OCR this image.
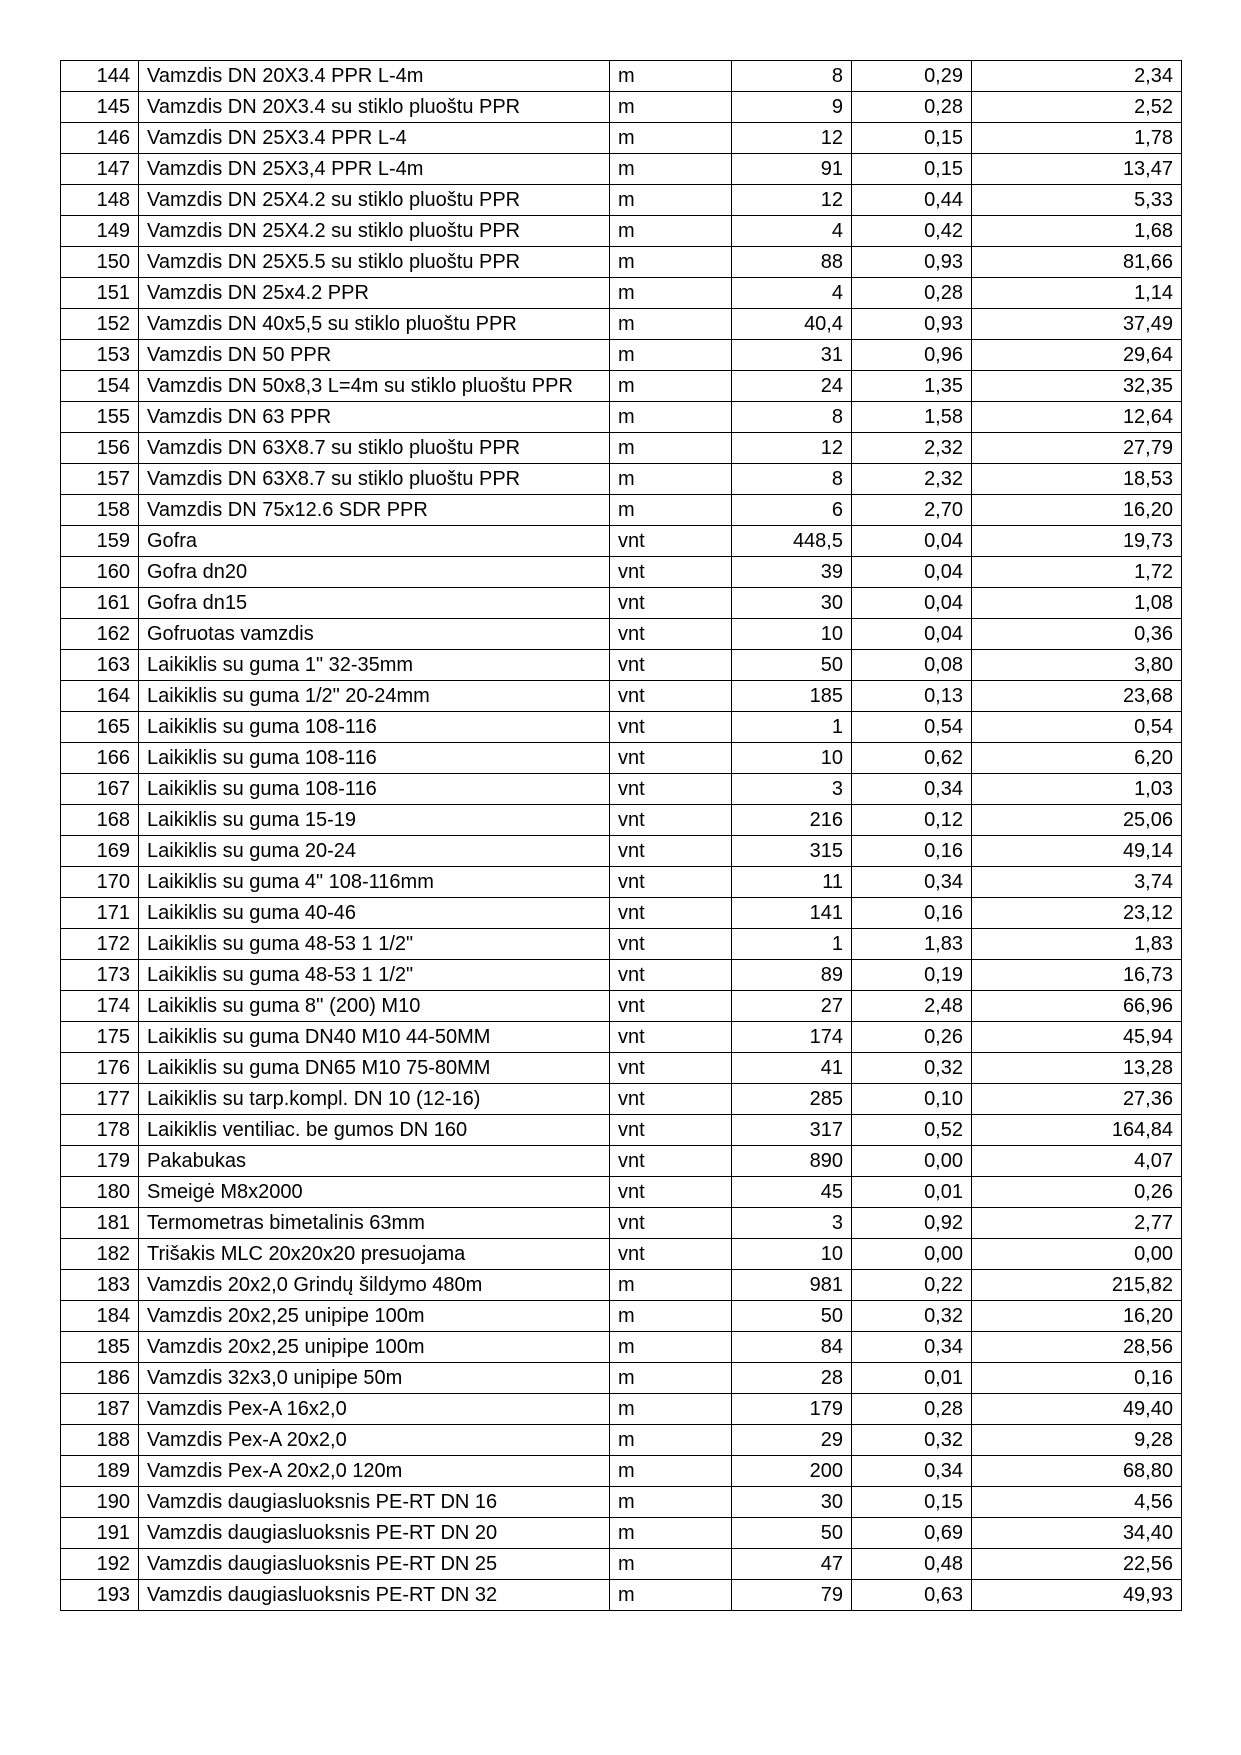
144	Vamzdis DN 20X3.4 PPR L-4m	m	8	0,29	2,34
145	Vamzdis DN 20X3.4 su stiklo pluoštu PPR	m	9	0,28	2,52
146	Vamzdis DN 25X3.4 PPR L-4	m	12	0,15	1,78
147	Vamzdis DN 25X3,4 PPR L-4m	m	91	0,15	13,47
148	Vamzdis DN 25X4.2 su stiklo pluoštu PPR	m	12	0,44	5,33
149	Vamzdis DN 25X4.2 su stiklo pluoštu PPR	m	4	0,42	1,68
150	Vamzdis DN 25X5.5 su stiklo pluoštu PPR	m	88	0,93	81,66
151	Vamzdis DN 25x4.2 PPR	m	4	0,28	1,14
152	Vamzdis DN 40x5,5 su stiklo pluoštu PPR	m	40,4	0,93	37,49
153	Vamzdis DN 50 PPR	m	31	0,96	29,64
154	Vamzdis DN 50x8,3 L=4m su stiklo pluoštu PPR	m	24	1,35	32,35
155	Vamzdis DN 63 PPR	m	8	1,58	12,64
156	Vamzdis DN 63X8.7 su stiklo pluoštu PPR	m	12	2,32	27,79
157	Vamzdis DN 63X8.7 su stiklo pluoštu PPR	m	8	2,32	18,53
158	Vamzdis DN 75x12.6 SDR PPR	m	6	2,70	16,20
159	Gofra	vnt	448,5	0,04	19,73
160	Gofra dn20	vnt	39	0,04	1,72
161	Gofra dn15	vnt	30	0,04	1,08
162	Gofruotas vamzdis	vnt	10	0,04	0,36
163	Laikiklis su guma 1" 32-35mm	vnt	50	0,08	3,80
164	Laikiklis su guma 1/2" 20-24mm	vnt	185	0,13	23,68
165	Laikiklis su guma 108-116	vnt	1	0,54	0,54
166	Laikiklis su guma 108-116	vnt	10	0,62	6,20
167	Laikiklis su guma 108-116	vnt	3	0,34	1,03
168	Laikiklis su guma 15-19	vnt	216	0,12	25,06
169	Laikiklis su guma 20-24	vnt	315	0,16	49,14
170	Laikiklis su guma 4" 108-116mm	vnt	11	0,34	3,74
171	Laikiklis su guma 40-46	vnt	141	0,16	23,12
172	Laikiklis su guma 48-53 1 1/2"	vnt	1	1,83	1,83
173	Laikiklis su guma 48-53 1 1/2"	vnt	89	0,19	16,73
174	Laikiklis su guma 8'' (200) M10	vnt	27	2,48	66,96
175	Laikiklis su guma DN40 M10 44-50MM	vnt	174	0,26	45,94
176	Laikiklis su guma DN65 M10 75-80MM	vnt	41	0,32	13,28
177	Laikiklis su tarp.kompl. DN 10 (12-16)	vnt	285	0,10	27,36
178	Laikiklis ventiliac. be gumos DN 160	vnt	317	0,52	164,84
179	Pakabukas	vnt	890	0,00	4,07
180	Smeigė M8x2000	vnt	45	0,01	0,26
181	Termometras bimetalinis 63mm	vnt	3	0,92	2,77
182	Trišakis MLC 20x20x20 presuojama	vnt	10	0,00	0,00
183	Vamzdis 20x2,0 Grindų šildymo 480m	m	981	0,22	215,82
184	Vamzdis 20x2,25 unipipe 100m	m	50	0,32	16,20
185	Vamzdis 20x2,25 unipipe 100m	m	84	0,34	28,56
186	Vamzdis 32x3,0 unipipe 50m	m	28	0,01	0,16
187	Vamzdis Pex-A 16x2,0	m	179	0,28	49,40
188	Vamzdis Pex-A 20x2,0	m	29	0,32	9,28
189	Vamzdis Pex-A 20x2,0 120m	m	200	0,34	68,80
190	Vamzdis daugiasluoksnis PE-RT DN 16	m	30	0,15	4,56
191	Vamzdis daugiasluoksnis PE-RT DN 20	m	50	0,69	34,40
192	Vamzdis daugiasluoksnis PE-RT DN 25	m	47	0,48	22,56
193	Vamzdis daugiasluoksnis PE-RT DN 32	m	79	0,63	49,93
